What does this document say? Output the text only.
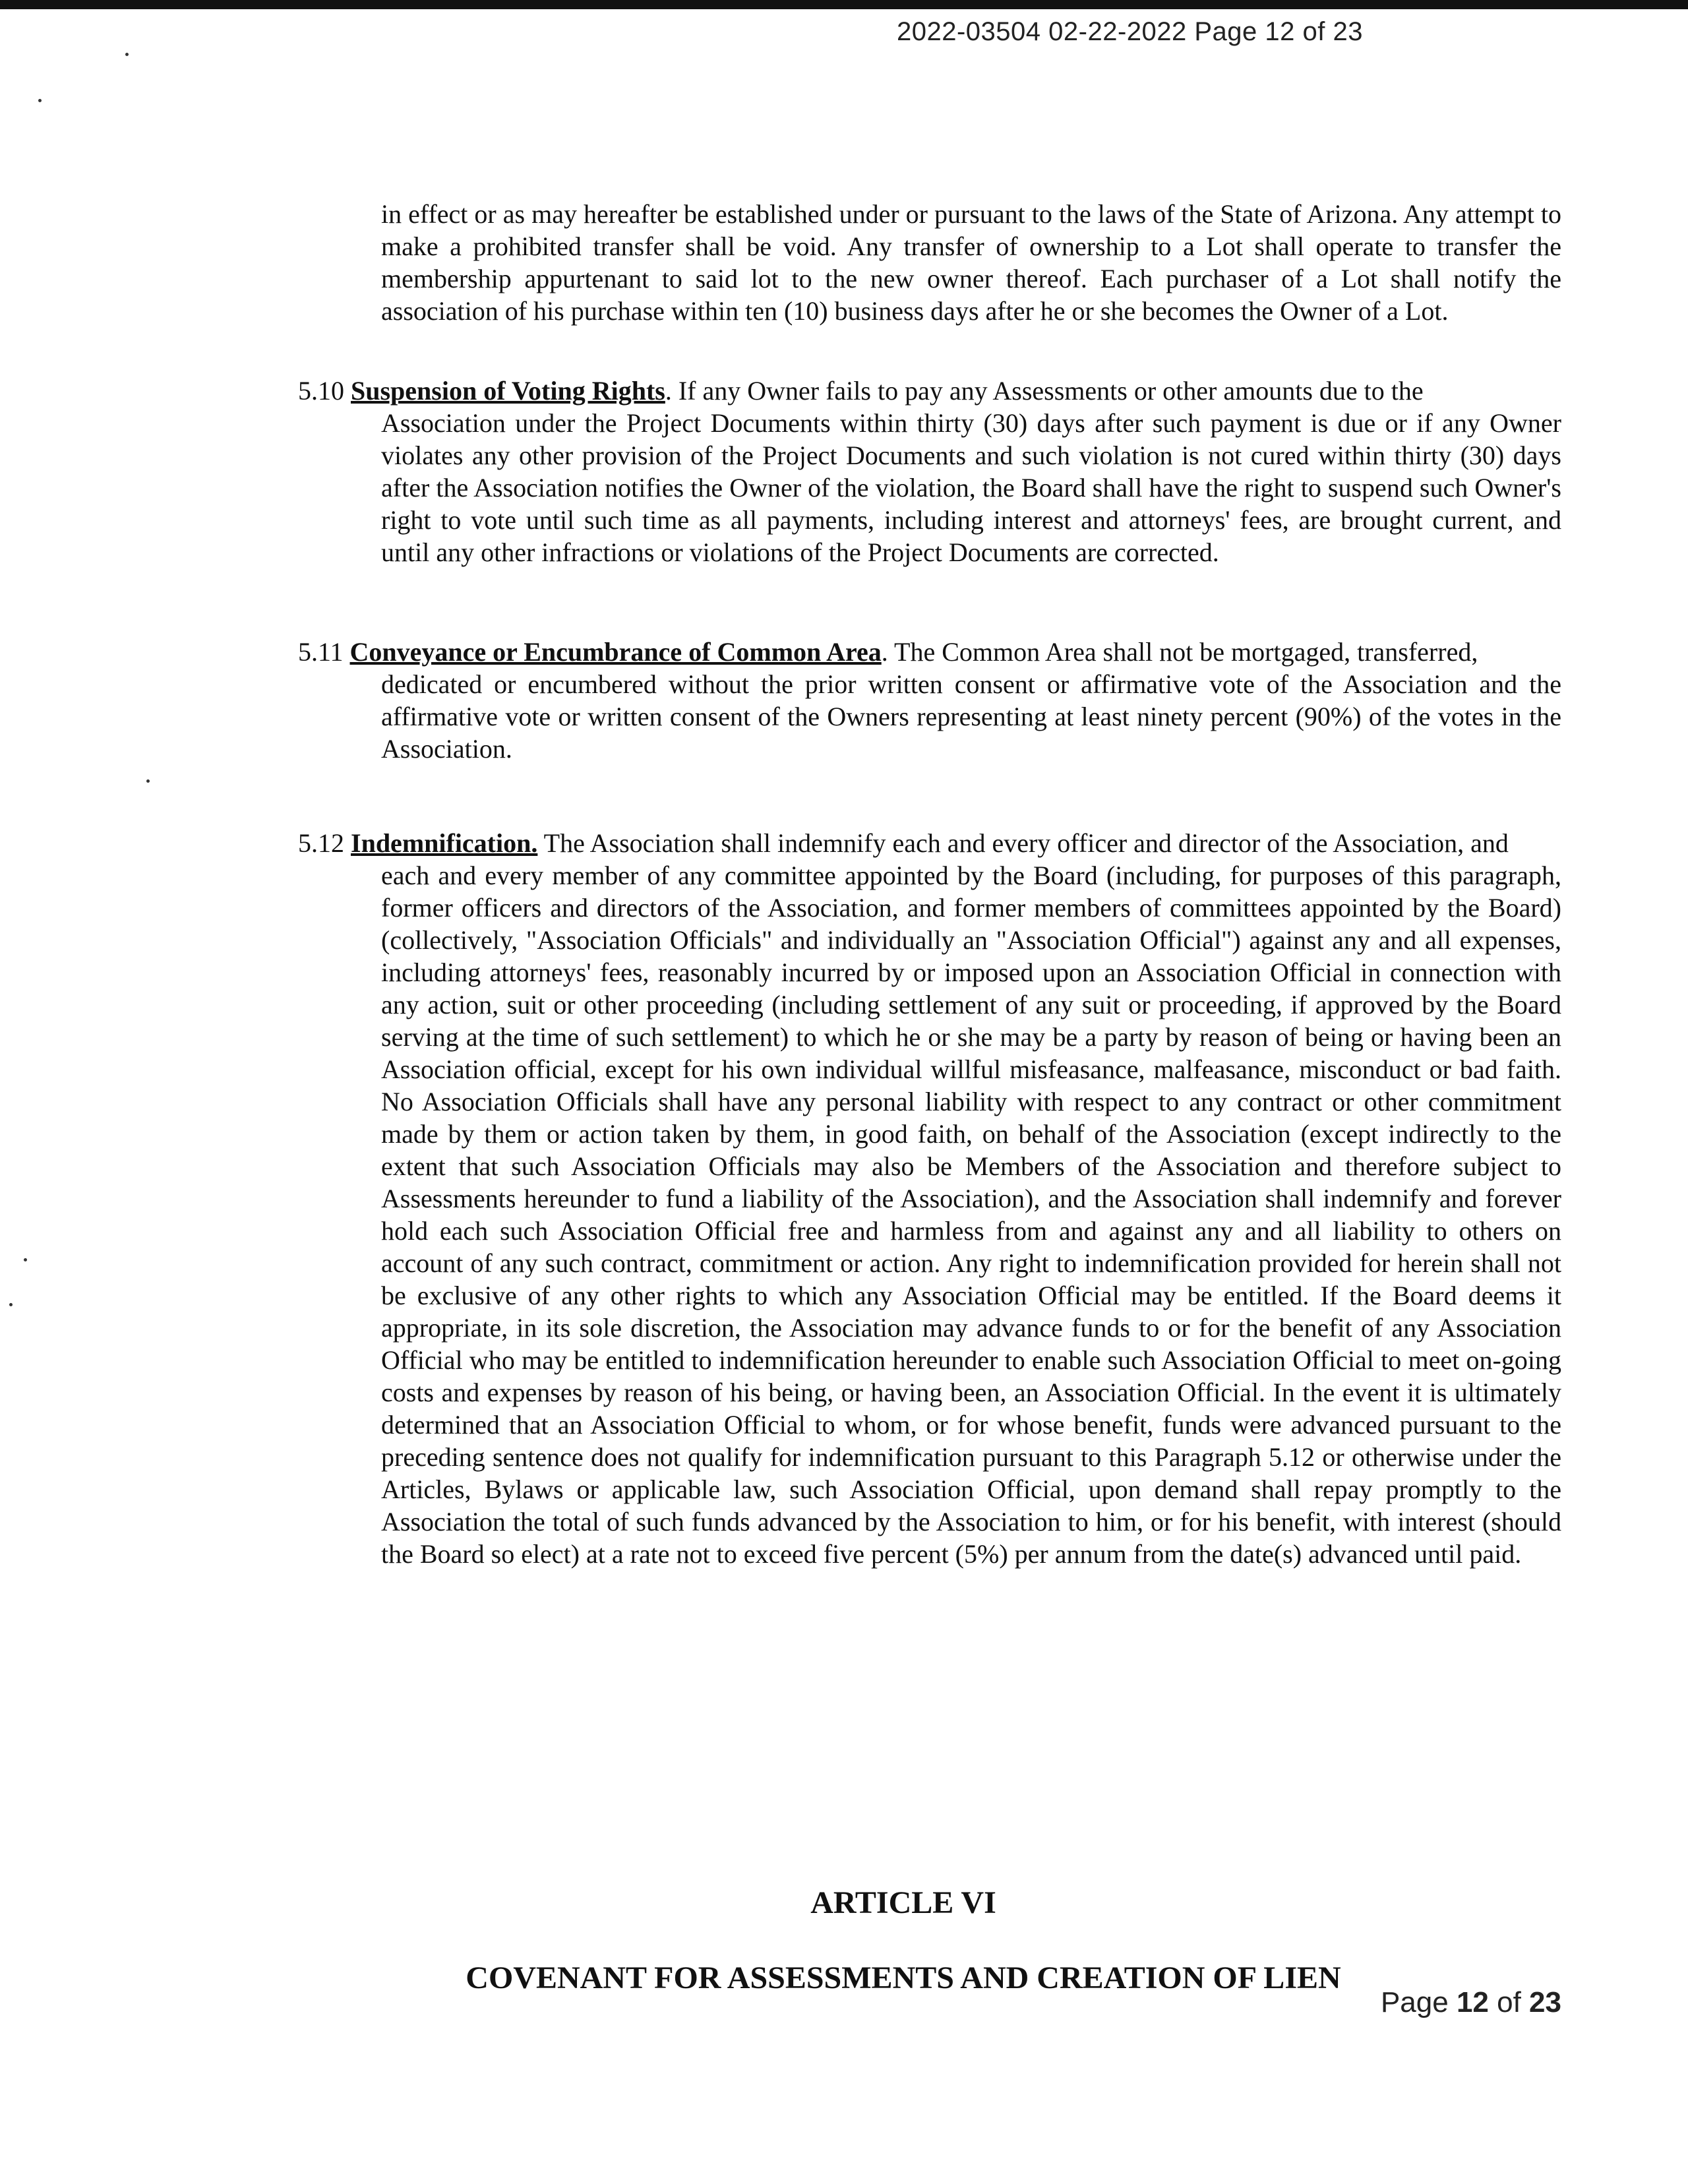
2022-03504 02-22-2022 Page 12 of 23
in effect or as may hereafter be established under or pursuant to the laws of the State of Arizona. Any attempt to make a prohibited transfer shall be void. Any transfer of ownership to a Lot shall operate to transfer the membership appurtenant to said lot to the new owner thereof. Each purchaser of a Lot shall notify the association of his purchase within ten (10) business days after he or she becomes the Owner of a Lot.
5.10 Suspension of Voting Rights. If any Owner fails to pay any Assessments or other amounts due to the
Association under the Project Documents within thirty (30) days after such payment is due or if any Owner violates any other provision of the Project Documents and such violation is not cured within thirty (30) days after the Association notifies the Owner of the violation, the Board shall have the right to suspend such Owner's right to vote until such time as all payments, including interest and attorneys' fees, are brought current, and until any other infractions or violations of the Project Documents are corrected.
5.11 Conveyance or Encumbrance of Common Area. The Common Area shall not be mortgaged, transferred,
dedicated or encumbered without the prior written consent or affirmative vote of the Association and the affirmative vote or written consent of the Owners representing at least ninety percent (90%) of the votes in the Association.
5.12 Indemnification. The Association shall indemnify each and every officer and director of the Association, and
each and every member of any committee appointed by the Board (including, for purposes of this paragraph, former officers and directors of the Association, and former members of committees appointed by the Board) (collectively, "Association Officials" and individually an "Association Official") against any and all expenses, including attorneys' fees, reasonably incurred by or imposed upon an Association Official in connection with any action, suit or other proceeding (including settlement of any suit or proceeding, if approved by the Board serving at the time of such settlement) to which he or she may be a party by reason of being or having been an Association official, except for his own individual willful misfeasance, malfeasance, misconduct or bad faith. No Association Officials shall have any personal liability with respect to any contract or other commitment made by them or action taken by them, in good faith, on behalf of the Association (except indirectly to the extent that such Association Officials may also be Members of the Association and therefore subject to Assessments hereunder to fund a liability of the Association), and the Association shall indemnify and forever hold each such Association Official free and harmless from and against any and all liability to others on account of any such contract, commitment or action. Any right to indemnification provided for herein shall not be exclusive of any other rights to which any Association Official may be entitled. If the Board deems it appropriate, in its sole discretion, the Association may advance funds to or for the benefit of any Association Official who may be entitled to indemnification hereunder to enable such Association Official to meet on-going costs and expenses by reason of his being, or having been, an Association Official. In the event it is ultimately determined that an Association Official to whom, or for whose benefit, funds were advanced pursuant to the preceding sentence does not qualify for indemnification pursuant to this Paragraph 5.12 or otherwise under the Articles, Bylaws or applicable law, such Association Official, upon demand shall repay promptly to the Association the total of such funds advanced by the Association to him, or for his benefit, with interest (should the Board so elect) at a rate not to exceed five percent (5%) per annum from the date(s) advanced until paid.
ARTICLE VI
COVENANT FOR ASSESSMENTS AND CREATION OF LIEN
Page 12 of 23
